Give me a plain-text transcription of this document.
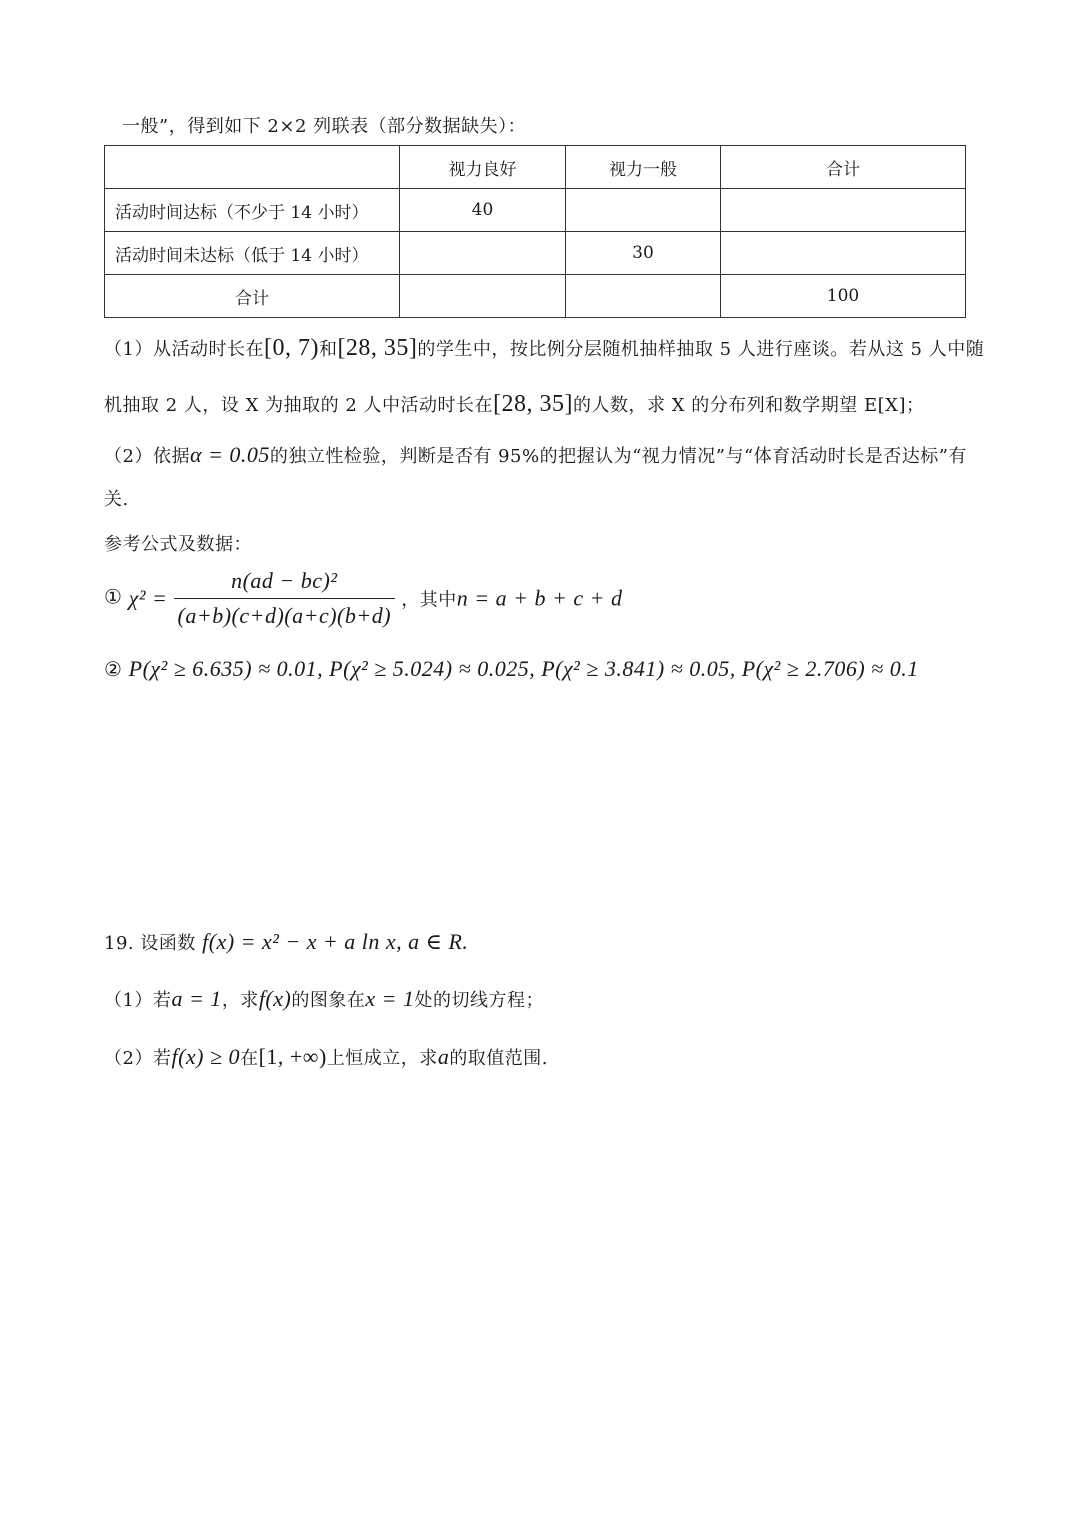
一般”，得到如下 2×2 列联表（部分数据缺失）：
	视力良好	视力一般	合计
活动时间达标（不少于 14 小时）	40		
活动时间未达标（低于 14 小时）		30	
合计			100
（1）从活动时长在[0, 7)和[28, 35]的学生中，按比例分层随机抽样抽取 5 人进行座谈。若从这 5 人中随
机抽取 2 人，设 X 为抽取的 2 人中活动时长在[28, 35]的人数，求 X 的分布列和数学期望 E[X]；
（2）依据α = 0.05的独立性检验，判断是否有 95%的把握认为“视力情况”与“体育活动时长是否达标”有
关.
参考公式及数据：
① $\chi^2 = \frac{\text{n(ad − bc)²}}{(a+b)(c+d)(a+c)(b+d)}$ ，其中n = a + b + c + d
② P(χ² ≥ 6.635) ≈ 0.01, P(χ² ≥ 5.024) ≈ 0.025, P(χ² ≥ 3.841) ≈ 0.05, P(χ² ≥ 2.706) ≈ 0.1
19. 设函数 f(x) = x² − x + a ln x, a ∈ R.
（1）若a = 1，求f(x)的图象在x = 1处的切线方程；
（2）若f(x) ≥ 0在[1, +∞)上恒成立，求a的取值范围.
